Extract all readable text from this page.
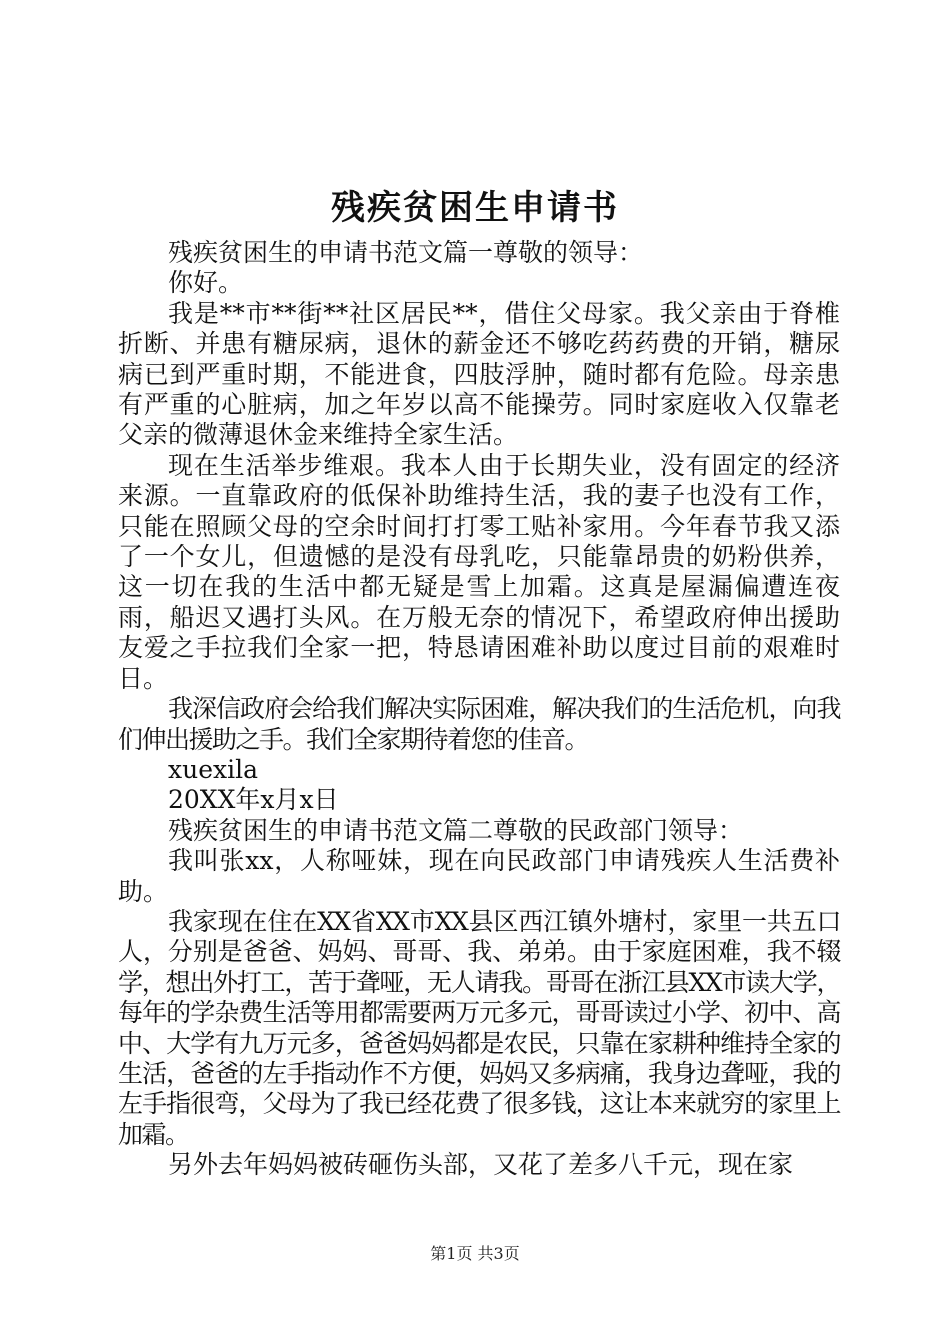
残疾贫困生申请书

残疾贫困生的申请书范文篇一尊敬的领导：

你好。

我是**市**街**社区居民**，借住父母家。我父亲由于脊椎折断、并患有糖尿病，退休的薪金还不够吃药药费的开销，糖尿病已到严重时期，不能进食，四肢浮肿，随时都有危险。母亲患有严重的心脏病，加之年岁以高不能操劳。同时家庭收入仅靠老父亲的微薄退休金来维持全家生活。

现在生活举步维艰。我本人由于长期失业，没有固定的经济来源。一直靠政府的低保补助维持生活，我的妻子也没有工作，只能在照顾父母的空余时间打打零工贴补家用。今年春节我又添了一个女儿，但遗憾的是没有母乳吃，只能靠昂贵的奶粉供养，这一切在我的生活中都无疑是雪上加霜。这真是屋漏偏遭连夜雨，船迟又遇打头风。在万般无奈的情况下，希望政府伸出援助友爱之手拉我们全家一把，特恳请困难补助以度过目前的艰难时日。

我深信政府会给我们解决实际困难，解决我们的生活危机，向我们伸出援助之手。我们全家期待着您的佳音。

xuexila

20XX年x月x日

残疾贫困生的申请书范文篇二尊敬的民政部门领导：

我叫张xx，人称哑妹，现在向民政部门申请残疾人生活费补助。

我家现在住在XX省XX市XX县区西江镇外塘村，家里一共五口人，分别是爸爸、妈妈、哥哥、我、弟弟。由于家庭困难，我不辍学，想出外打工，苦于聋哑，无人请我。哥哥在浙江县XX市读大学，每年的学杂费生活等用都需要两万元多元，哥哥读过小学、初中、高中、大学有九万元多，爸爸妈妈都是农民，只靠在家耕种维持全家的生活，爸爸的左手指动作不方便，妈妈又多病痛，我身边聋哑，我的左手指很弯，父母为了我已经花费了很多钱，这让本来就穷的家里上加霜。

另外去年妈妈被砖砸伤头部，又花了差多八千元，现在家

第1页 共3页
